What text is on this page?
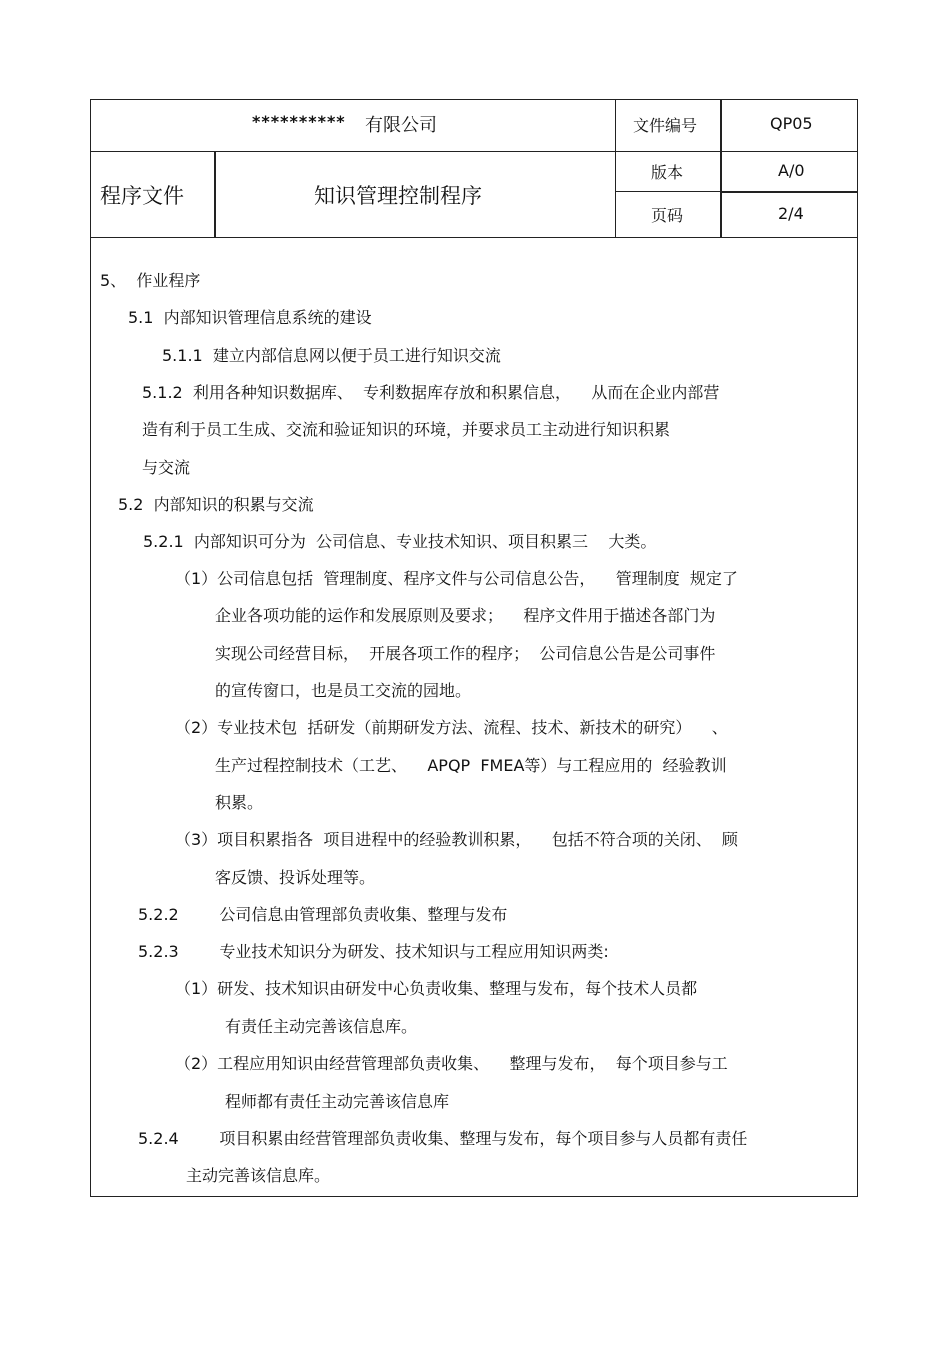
********** 有限公司	文件编号	QP05
程序文件	知识管理控制程序
版本	A/0
页码	2/4
5、  作业程序
5.1  内部知识管理信息系统的建设
5.1.1  建立内部信息网以便于员工进行知识交流
5.1.2  利用各种知识数据库、  专利数据库存放和积累信息，    从而在企业内部营
造有利于员工生成、交流和验证知识的环境，并要求员工主动进行知识积累
与交流
5.2  内部知识的积累与交流
5.2.1  内部知识可分为  公司信息、专业技术知识、项目积累三    大类。
（1）公司信息包括  管理制度、程序文件与公司信息公告，    管理制度  规定了
企业各项功能的运作和发展原则及要求；    程序文件用于描述各部门为
实现公司经营目标，  开展各项工作的程序；  公司信息公告是公司事件
的宣传窗口，也是员工交流的园地。
（2）专业技术包  括研发（前期研发方法、流程、技术、新技术的研究）    、
生产过程控制技术（工艺、    APQP  FMEA等）与工程应用的  经验教训
积累。
（3）项目积累指各  项目进程中的经验教训积累，    包括不符合项的关闭、  顾
客反馈、投诉处理等。
5.2.2        公司信息由管理部负责收集、整理与发布
5.2.3        专业技术知识分为研发、技术知识与工程应用知识两类:
（1）研发、技术知识由研发中心负责收集、整理与发布，每个技术人员都
有责任主动完善该信息库。
（2）工程应用知识由经营管理部负责收集、    整理与发布，  每个项目参与工
程师都有责任主动完善该信息库
5.2.4        项目积累由经营管理部负责收集、整理与发布，每个项目参与人员都有责任
主动完善该信息库。
